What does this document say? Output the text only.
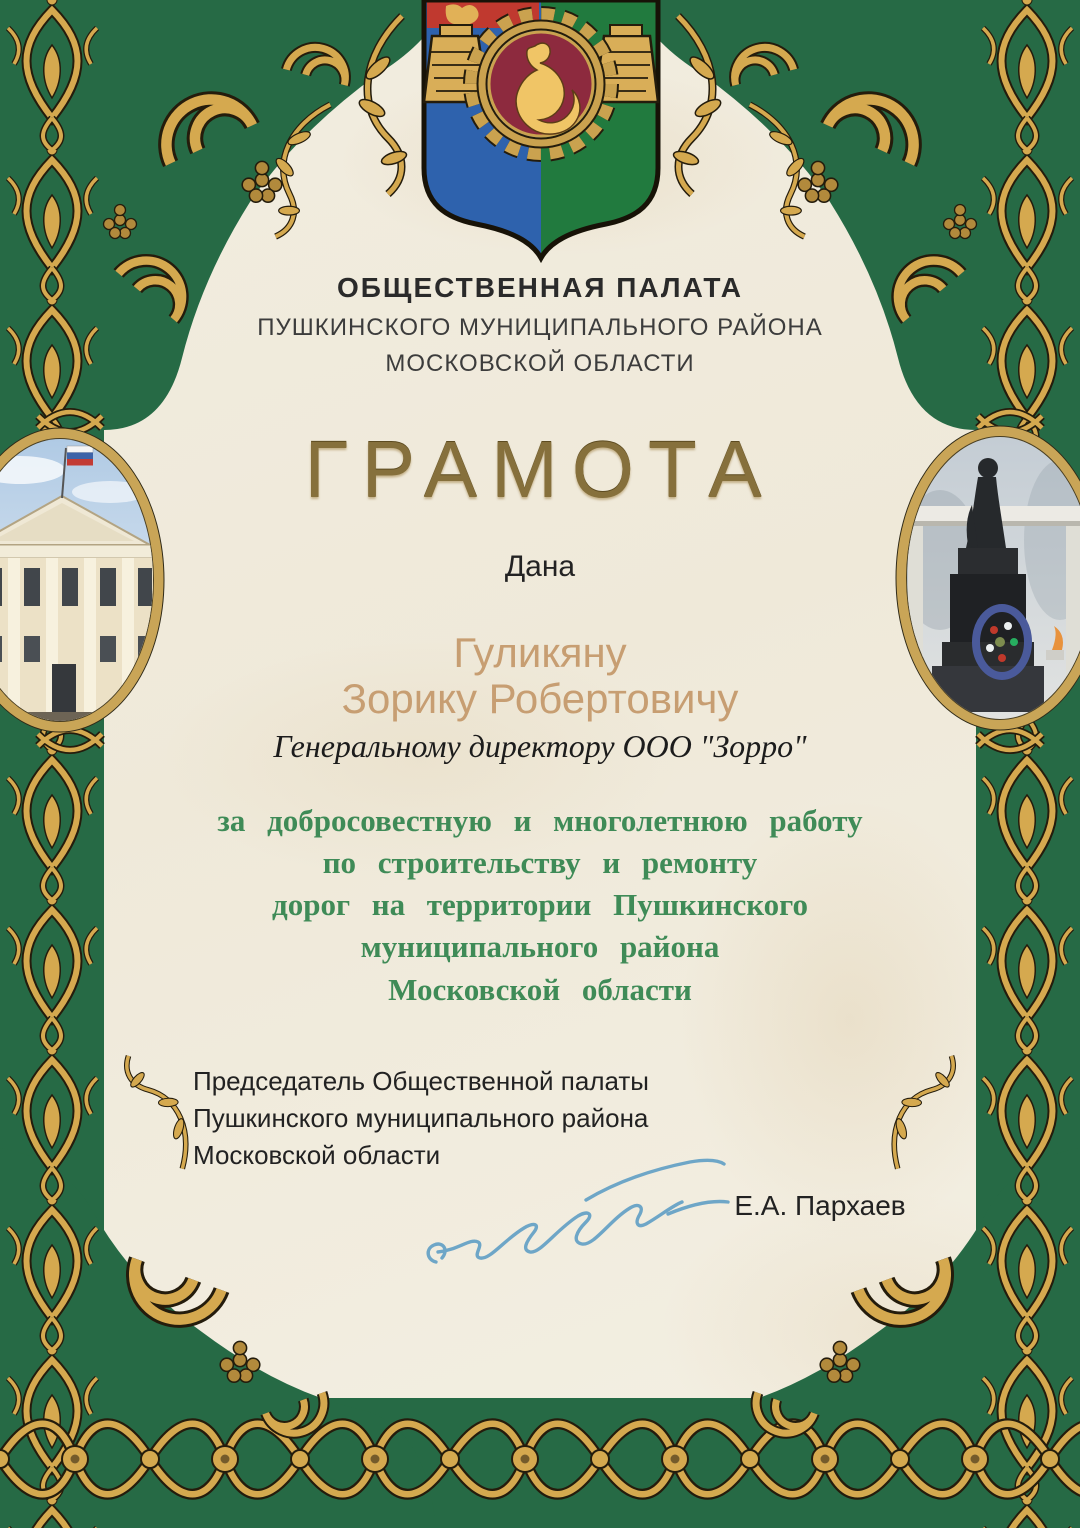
ОБЩЕСТВЕННАЯ ПАЛАТА
ПУШКИНСКОГО МУНИЦИПАЛЬНОГО РАЙОНА
МОСКОВСКОЙ ОБЛАСТИ
ГРАМОТА
Дана
Гуликяну
Зорику Робертовичу
Генеральному директору ООО "Зорро"
за добросовестную и многолетнюю работу
по строительству и ремонту
дорог на территории Пушкинского
муниципального района
Московской области
Председатель Общественной палаты
Пушкинского муниципального района
Московской области
Е.А. Пархаев
